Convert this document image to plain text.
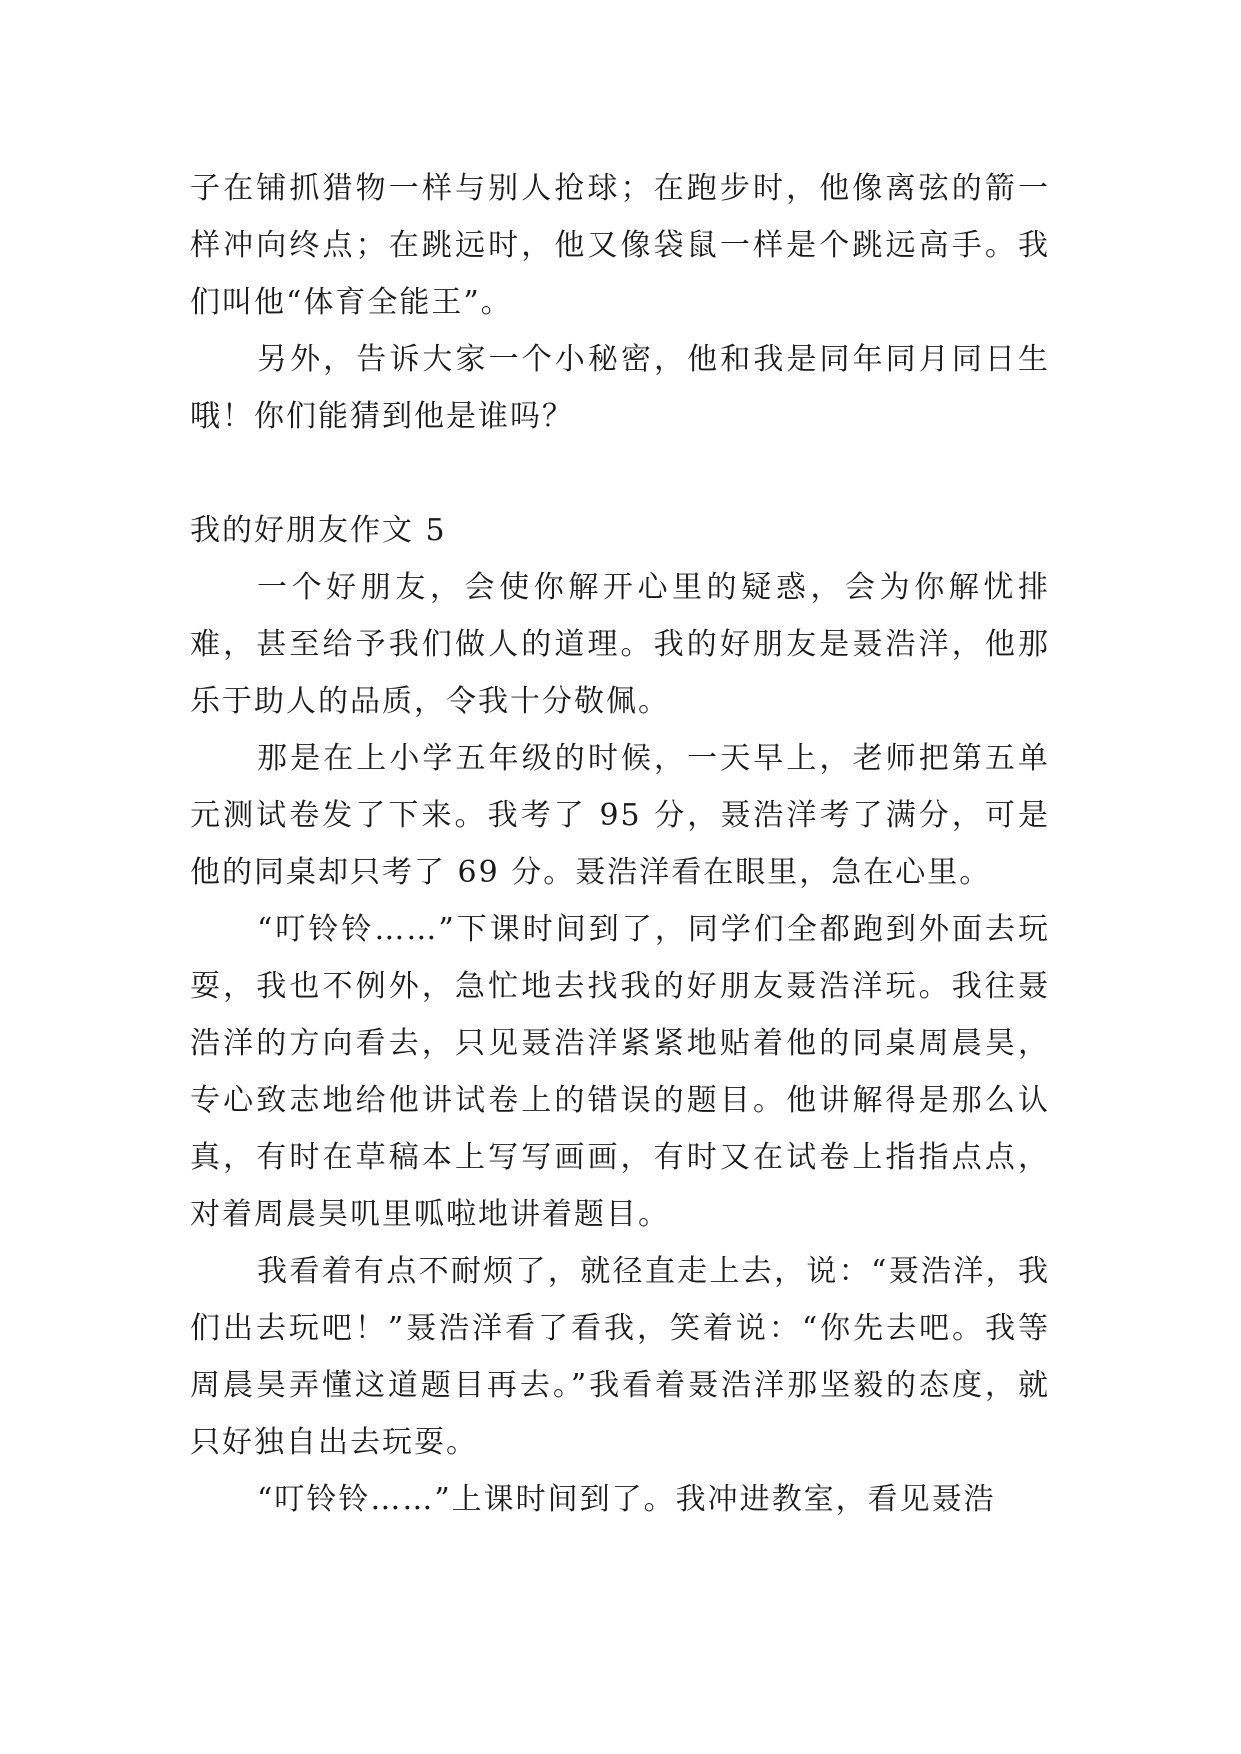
子在铺抓猎物一样与别人抢球；在跑步时，他像离弦的箭一样冲向终点；在跳远时，他又像袋鼠一样是个跳远高手。我们叫他“体育全能王”。

另外，告诉大家一个小秘密，他和我是同年同月同日生哦！你们能猜到他是谁吗？

我的好朋友作文 5

一个好朋友，会使你解开心里的疑惑，会为你解忧排难，甚至给予我们做人的道理。我的好朋友是聂浩洋，他那乐于助人的品质，令我十分敬佩。

那是在上小学五年级的时候，一天早上，老师把第五单元测试卷发了下来。我考了 95 分，聂浩洋考了满分，可是他的同桌却只考了 69 分。聂浩洋看在眼里，急在心里。

“叮铃铃……”下课时间到了，同学们全都跑到外面去玩耍，我也不例外，急忙地去找我的好朋友聂浩洋玩。我往聂浩洋的方向看去，只见聂浩洋紧紧地贴着他的同桌周晨昊，专心致志地给他讲试卷上的错误的题目。他讲解得是那么认真，有时在草稿本上写写画画，有时又在试卷上指指点点，对着周晨昊叽里呱啦地讲着题目。

我看着有点不耐烦了，就径直走上去，说：“聂浩洋，我们出去玩吧！”聂浩洋看了看我，笑着说：“你先去吧。我等周晨昊弄懂这道题目再去。”我看着聂浩洋那坚毅的态度，就只好独自出去玩耍。

“叮铃铃……”上课时间到了。我冲进教室，看见聂浩
